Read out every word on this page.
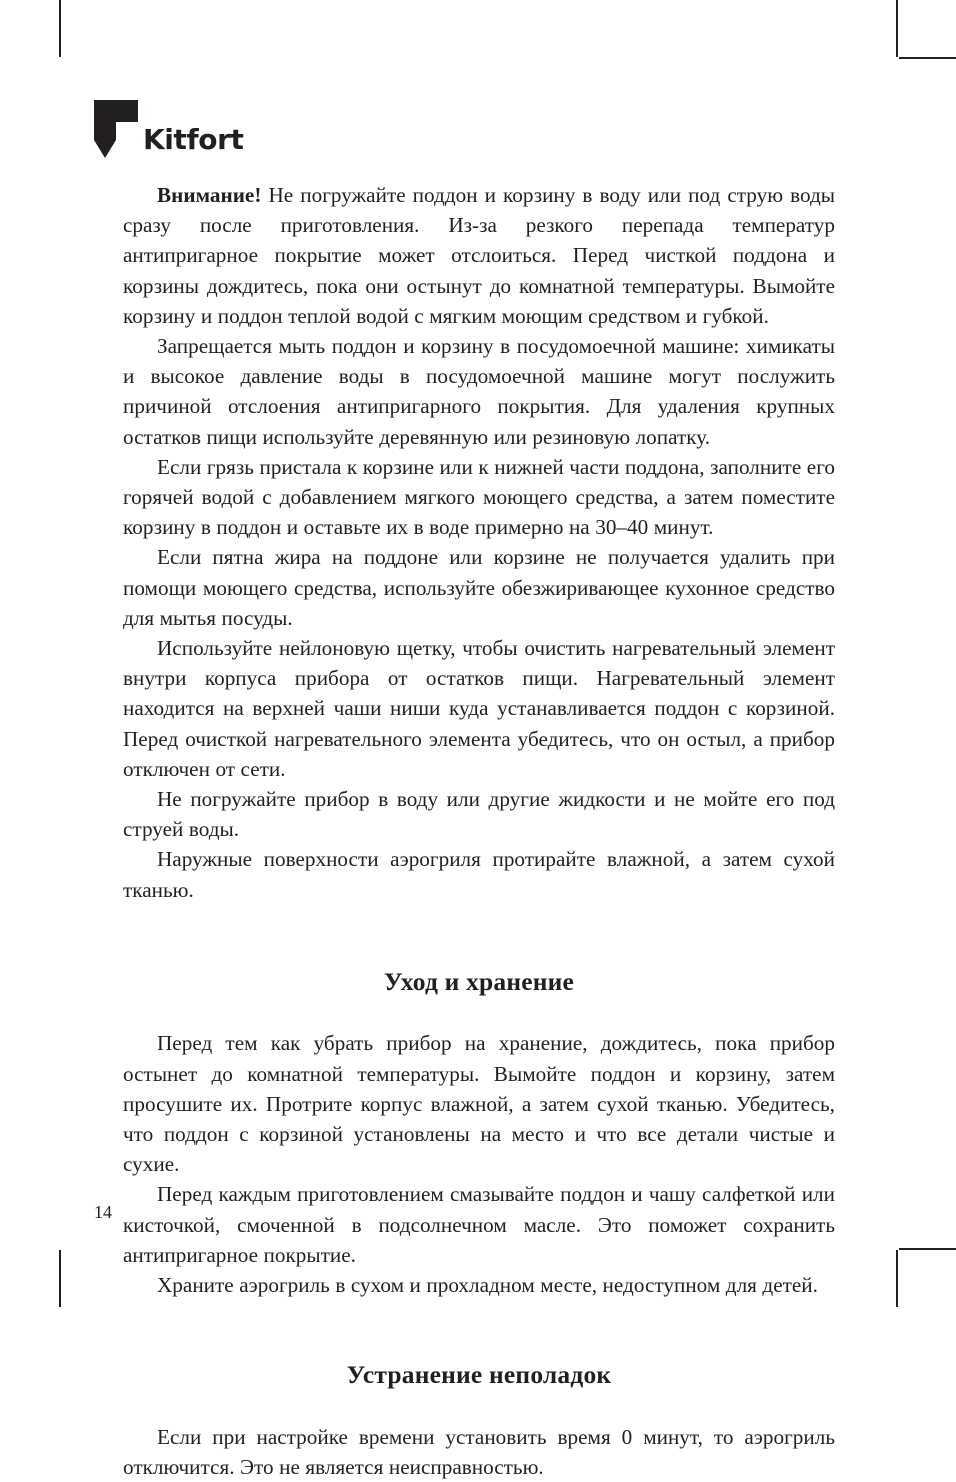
Kitfort

Внимание! Не погружайте поддон и корзину в воду или под струю воды сразу после приготовления. Из-за резкого перепада температур антипригарное покрытие может отслоиться. Перед чисткой поддона и корзины дождитесь, пока они остынут до комнатной температуры. Вымойте корзину и поддон теплой водой с мягким моющим средством и губкой.

Запрещается мыть поддон и корзину в посудомоечной машине: химикаты и высокое давление воды в посудомоечной машине могут послужить причиной отслоения антипригарного покрытия. Для удаления крупных остатков пищи используйте деревянную или резиновую лопатку.

Если грязь пристала к корзине или к нижней части поддона, заполните его горячей водой с добавлением мягкого моющего средства, а затем поместите корзину в поддон и оставьте их в воде примерно на 30–40 минут.

Если пятна жира на поддоне или корзине не получается удалить при помощи моющего средства, используйте обезжиривающее кухонное средство для мытья посуды.

Используйте нейлоновую щетку, чтобы очистить нагревательный элемент внутри корпуса прибора от остатков пищи. Нагревательный элемент находится на верхней чаши ниши куда устанавливается поддон с корзиной. Перед очисткой нагревательного элемента убедитесь, что он остыл, а прибор отключен от сети.

Не погружайте прибор в воду или другие жидкости и не мойте его под струей воды.

Наружные поверхности аэрогриля протирайте влажной, а затем сухой тканью.

Уход и хранение

Перед тем как убрать прибор на хранение, дождитесь, пока прибор остынет до комнатной температуры. Вымойте поддон и корзину, затем просушите их. Протрите корпус влажной, а затем сухой тканью. Убедитесь, что поддон с корзиной установлены на место и что все детали чистые и сухие.

Перед каждым приготовлением смазывайте поддон и чашу салфеткой или кисточкой, смоченной в подсолнечном масле. Это поможет сохранить антипригарное покрытие.

Храните аэрогриль в сухом и прохладном месте, недоступном для детей.

Устранение неполадок

Если при настройке времени установить время 0 минут, то аэрогриль отключится. Это не является неисправностью.

14
